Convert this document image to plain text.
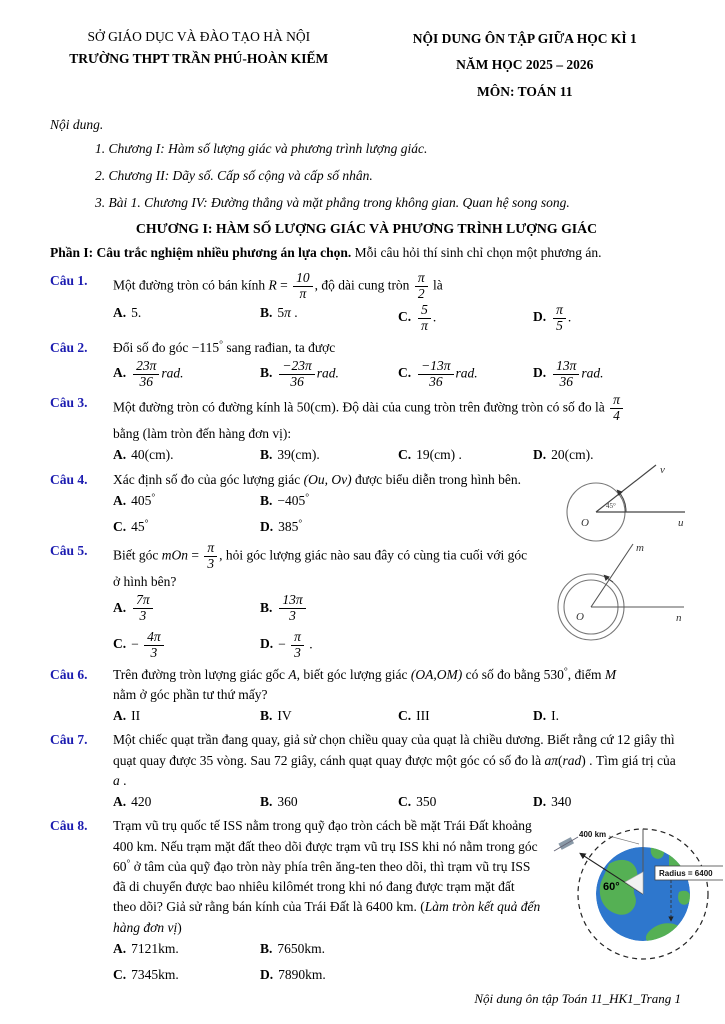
SỞ GIÁO DỤC VÀ ĐÀO TẠO HÀ NỘI
TRƯỜNG THPT TRẦN PHÚ-HOÀN KIẾM
NỘI DUNG ÔN TẬP GIỮA HỌC KÌ 1
NĂM HỌC 2025 – 2026
MÔN: TOÁN 11
Nội dung.
1. Chương I: Hàm số lượng giác và phương trình lượng giác.
2. Chương II: Dãy số. Cấp số cộng và cấp số nhân.
3. Bài 1. Chương IV: Đường thẳng và mặt phẳng trong không gian. Quan hệ song song.
CHƯƠNG I: HÀM SỐ LƯỢNG GIÁC VÀ PHƯƠNG TRÌNH LƯỢNG GIÁC
Phần I: Câu trắc nghiệm nhiều phương án lựa chọn. Mỗi câu hỏi thí sinh chỉ chọn một phương án.
Câu 1.	Một đường tròn có bán kính $R = \frac{10}{\pi}$ , độ dài cung tròn $\frac{\pi}{2}$ là
A. 5.	B. 5π .	C. $\frac{5}{\pi}$ .	D. $\frac{\pi}{5}$ .
Câu 2.	Đổi số đo góc −115° sang rađian, ta được
A. $\frac{23\pi}{36}$ rad.	B. $\frac{-23\pi}{36}$ rad.	C. $\frac{-13\pi}{36}$ rad.	D. $\frac{13\pi}{36}$ rad.
Câu 3.	Một đường tròn có đường kính là 50(cm). Độ dài của cung tròn trên đường tròn có số đo là $\frac{\pi}{4}$
bằng (làm tròn đến hàng đơn vị):
A. 40(cm).	B. 39(cm).	C. 19(cm) .	D. 20(cm).
Câu 4.	Xác định số đo của góc lượng giác (Ou, Ov) được biểu diễn trong hình bên.
A. 405°	B. −405°
C. 45°	D. 385°
45°
v
u
O
Câu 5.	Biết góc mOn = $\frac{\pi}{3}$ , hỏi góc lượng giác nào sau đây có cùng tia cuối với góc
ở hình bên?
A. $\frac{7\pi}{3}$	B. $\frac{13\pi}{3}$
C. − $\frac{4\pi}{3}$	D. − $\frac{\pi}{3}$ .
m
n
O
Câu 6.	Trên đường tròn lượng giác gốc A, biết góc lượng giác (OA,OM) có số đo bằng 530°, điểm M
nằm ở góc phần tư thứ mấy?
A. II	B. IV	C. III	D. I.
Câu 7.	Một chiếc quạt trần đang quay, giả sử chọn chiều quay của quạt là chiều dương. Biết rằng cứ 12 giây thì quạt quay được 35 vòng. Sau 72 giây, cánh quạt quay được một góc có số đo là aπ(rad) . Tìm giá trị của a .
A. 420	B. 360	C. 350	D. 340
Câu 8.
60°
400 km
Radius = 6400
Trạm vũ trụ quốc tế ISS nằm trong quỹ đạo tròn cách bề mặt Trái Đất khoảng 400 km. Nếu trạm mặt đất theo dõi được trạm vũ trụ ISS khi nó nằm trong góc 60° ở tâm của quỹ đạo tròn này phía trên ăng-ten theo dõi, thì trạm vũ trụ ISS đã di chuyển được bao nhiêu kilômét trong khi nó đang được trạm mặt đất theo dõi? Giả sử rằng bán kính của Trái Đất là 6400 km. (Làm tròn kết quả đến hàng đơn vị)
A. 7121km.	B. 7650km.
C. 7345km.	D. 7890km.
Nội dung ôn tập Toán 11_HK1_Trang 1
